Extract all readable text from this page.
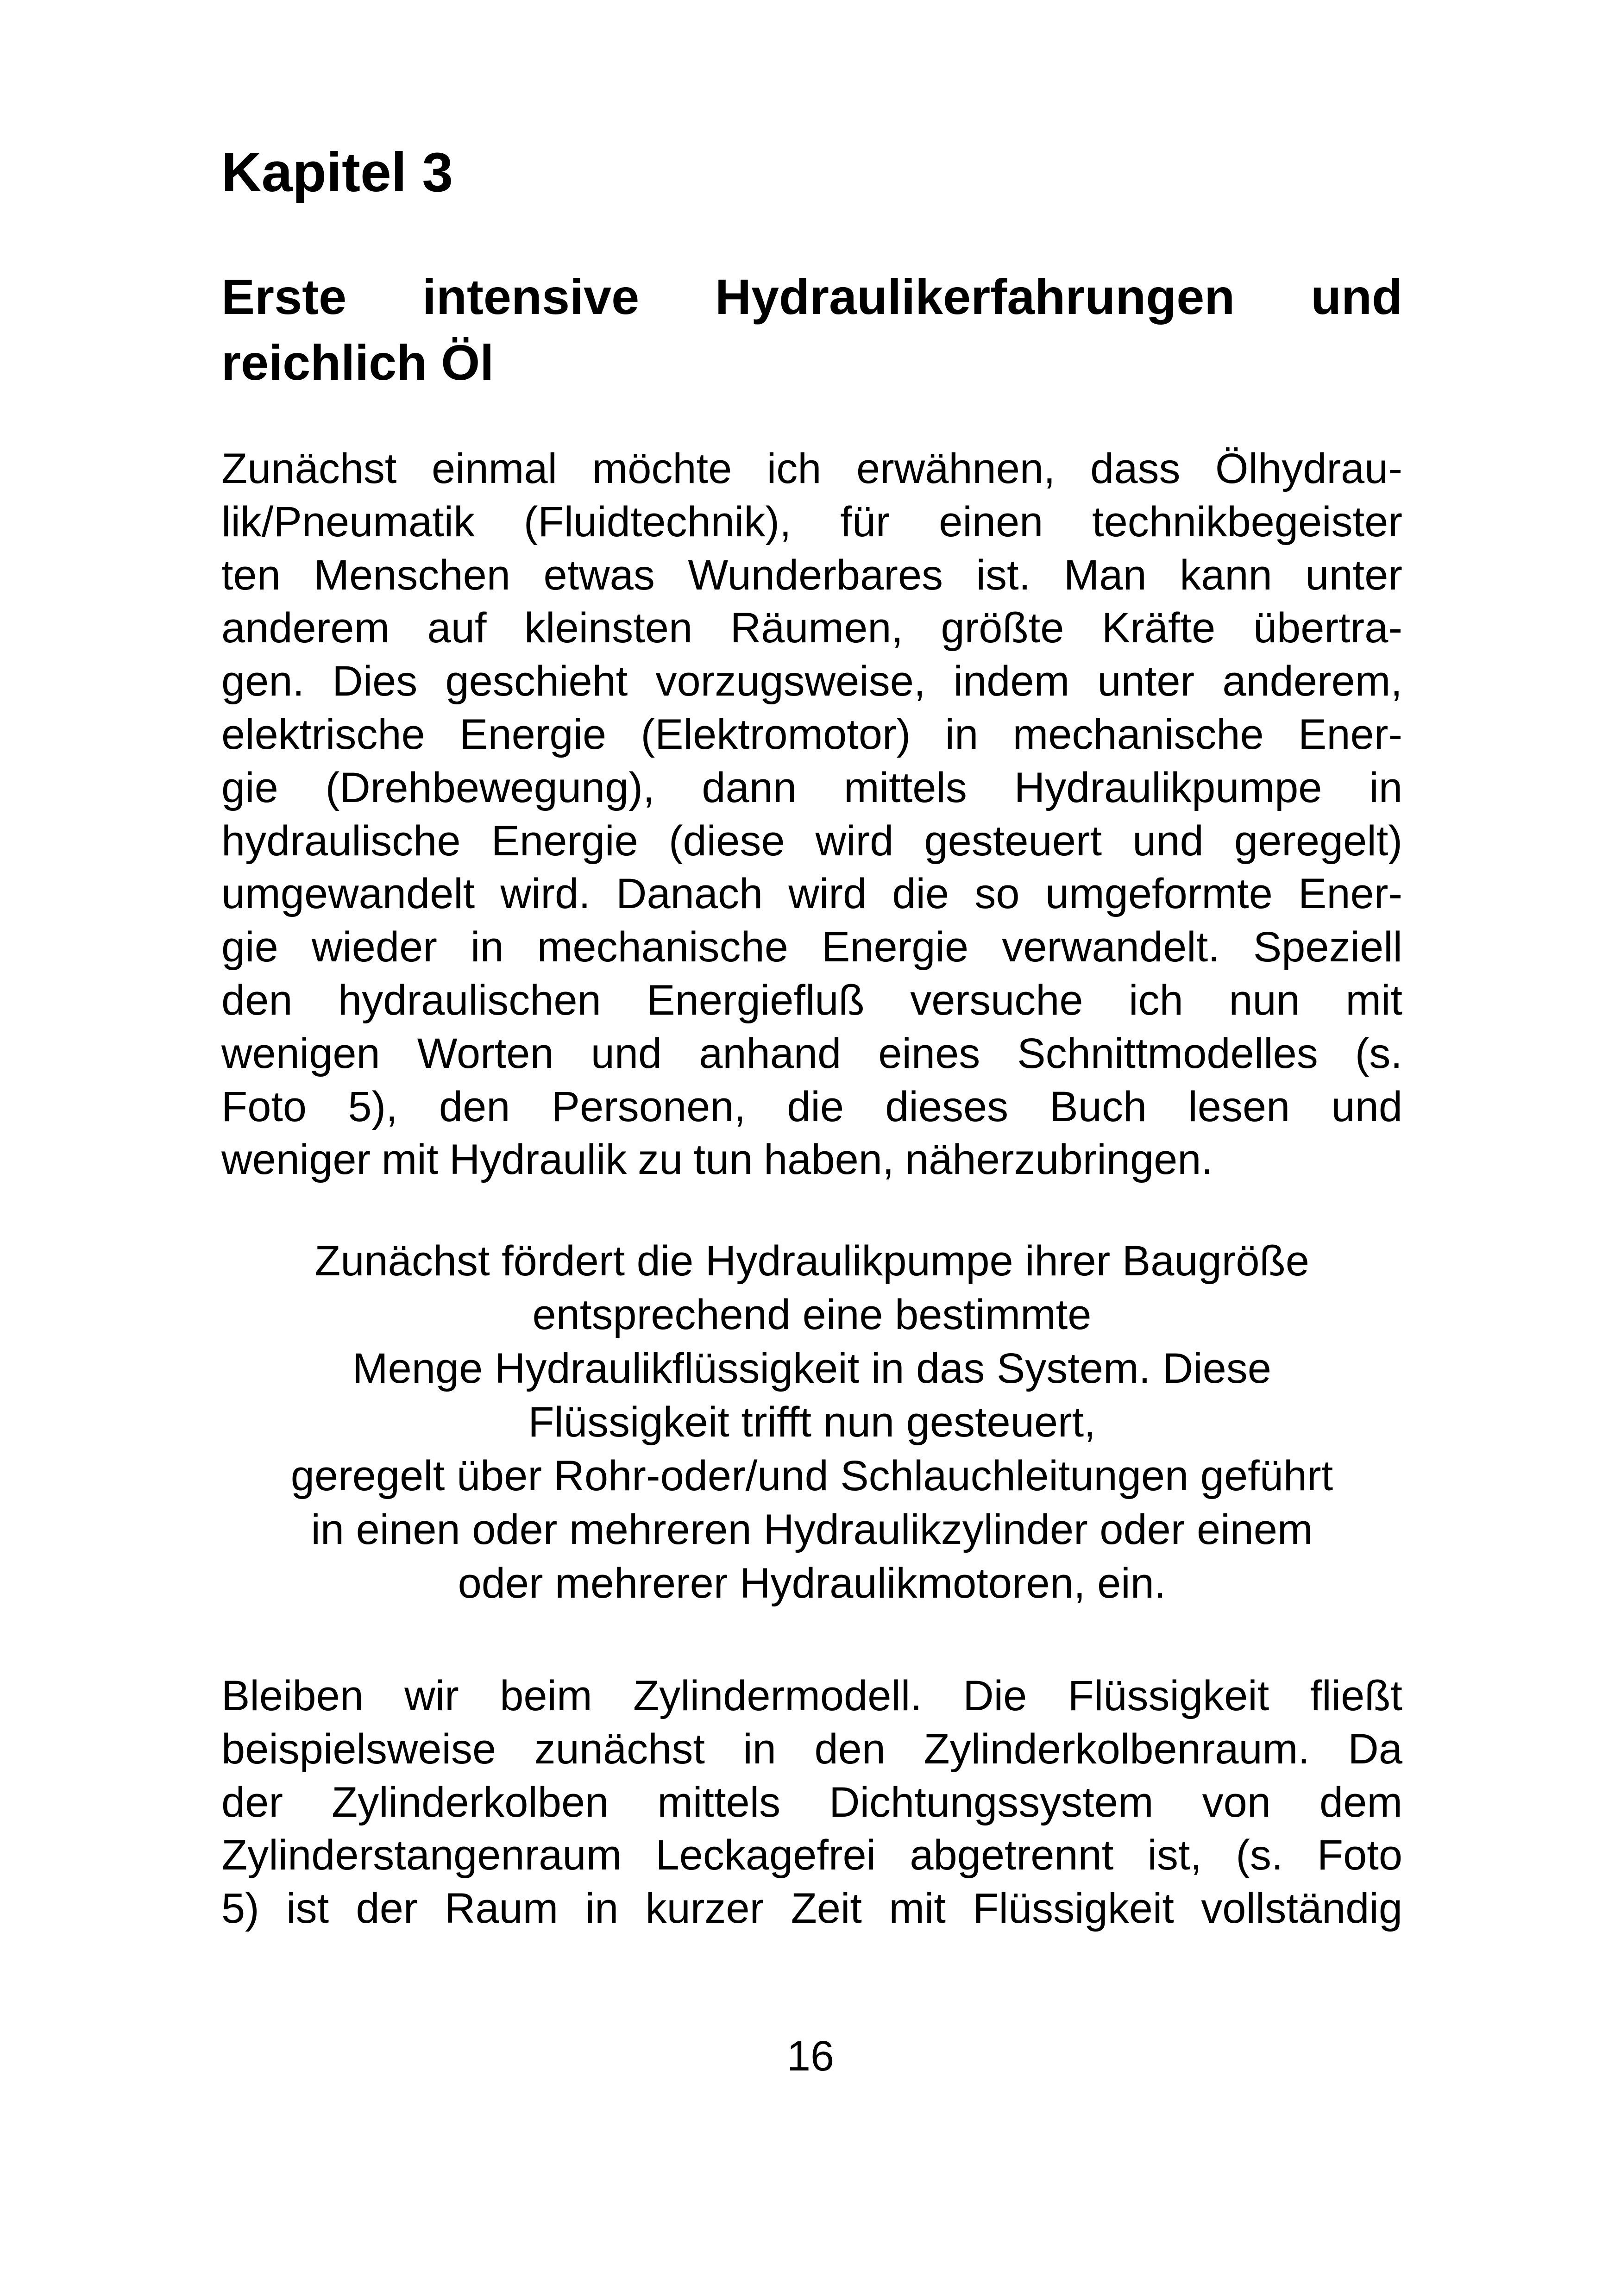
Kapitel 3
Erste intensive Hydraulikerfahrungen und
reichlich Öl
Zunächst einmal möchte ich erwähnen, dass Ölhydrau-
lik/Pneumatik (Fluidtechnik), für einen technikbegeister
ten Menschen etwas Wunderbares ist. Man kann unter
anderem auf kleinsten Räumen, größte Kräfte übertra-
gen. Dies geschieht vorzugsweise, indem unter anderem,
elektrische Energie (Elektromotor) in mechanische Ener-
gie (Drehbewegung), dann mittels Hydraulikpumpe in
hydraulische Energie (diese wird gesteuert und geregelt)
umgewandelt wird. Danach wird die so umgeformte Ener-
gie wieder in mechanische Energie verwandelt. Speziell
den hydraulischen Energiefluß versuche ich nun mit
wenigen Worten und anhand eines Schnittmodelles (s.
Foto 5), den Personen, die dieses Buch lesen und
weniger mit Hydraulik zu tun haben, näherzubringen.
Zunächst fördert die Hydraulikpumpe ihrer Baugröße
entsprechend eine bestimmte
Menge Hydraulikflüssigkeit in das System. Diese
Flüssigkeit trifft nun gesteuert,
geregelt über Rohr-oder/und Schlauchleitungen geführt
in einen oder mehreren Hydraulikzylinder oder einem
oder mehrerer Hydraulikmotoren, ein.
Bleiben wir beim Zylindermodell. Die Flüssigkeit fließt
beispielsweise zunächst in den Zylinderkolbenraum. Da
der Zylinderkolben mittels Dichtungssystem von dem
Zylinderstangenraum Leckagefrei abgetrennt ist, (s. Foto
5) ist der Raum in kurzer Zeit mit Flüssigkeit vollständig
16
